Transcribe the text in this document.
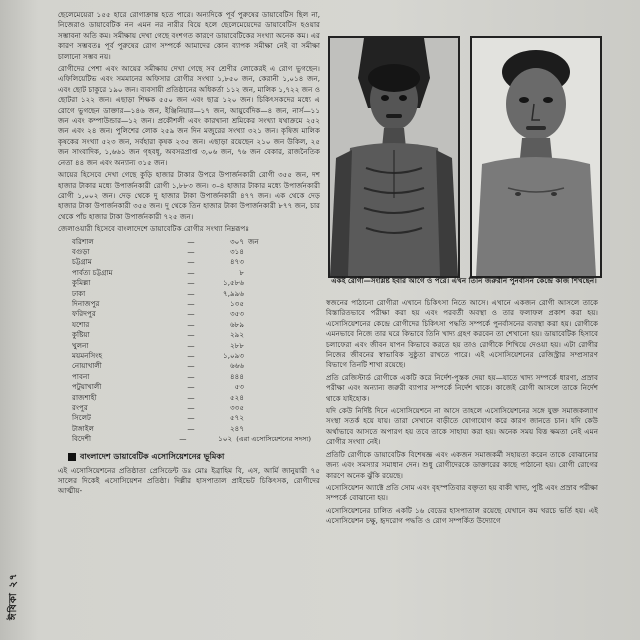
ঈষিকা ২৭

ছেলেমেয়েরা ১৫৫ হারে রোগাক্রান্ত হতে পারে। অন্যদিকে পূর্ব পুরুষের ডায়াবেটিস ছিল না, নিজেরাও ডায়াবেটিক নন এমন নর নারীর বিয়ে হলে ছেলেমেয়েদের ডায়াবেটিস হওয়ার সম্ভাবনা অতি কম। সমীক্ষায় দেখা গেছে বংশগত কারণে ডায়াবেটিকের সংখ্যা অনেক কম। এর কারণ সম্ভবতঃ পূর্ব পুরুষের রোগ সম্পর্কে আমাদের কোন ব্যাপক সমীক্ষা নেই বা সমীক্ষা চালানো সম্ভব নয়।

রোগীদের পেশা এবং আয়ের সমীক্ষায় দেখা গেছে সব শ্রেণীর লোকেরই এ রোগ ভুগছেন। এফিলিয়েটিভ এবং সমমানের অফিসার রোগীর সংখ্যা ১,৮৫০ জন, কেরানী ১,০১৪ জন, এবং ছোট চাকুরে ১৯০ জন। ব্যবসায়ী প্রতিষ্ঠানের অধিকর্তা ১১২ জন, মালিক ১,৭২২ জন ও ছোটরা ১২২ জন। এছাড়া শিক্ষক ৫৫০ জন এবং ছাত্র ১২০ জন। চিকিৎসকদের মধ্যে এ রোগে ভুগছেন ডাক্তার—১৪৬ জন, ইঞ্জিনিয়ার—১৭ জন, আয়ুর্বেদিক—৪ জন, নার্স—১১ জন এবং কম্পাউন্ডার—১২ জন। প্রকৌশলী এবং কারখানা শ্রমিকের সংখ্যা যথাক্রমে ২৫২ জন এবং ২৪ জন। পুলিশের লোক ২৫৯ জন দিন মজুরের সংখ্যা ৩২১ জন। কৃষিজ মালিক কৃষকের সংখ্যা ৫২৩ জন, সর্বহারা কৃষক ২৩৫ জন। এছাড়া রয়েছেন ২১০ জন উকিল, ২৫ জন সাংবাদিক, ১,৬৬১ জন গৃহবধূ, অবসরপ্রাপ্ত ৩,০৬ জন, ৭৬ জন বেকার, রাজনৈতিক নেতা ৪৪ জন এবং অন্যান্য ৩১৫ জন।

আয়ের হিসেবে দেখা গেছে কুড়ি হাজার টাকার উপরে উপার্জনকারী রোগী ৩৫৫ জন, দশ হাজার টাকার মধ্যে উপার্জনকারী রোগী ১,৮৮৩ জন। ৩–৪ হাজার টাকার মধ্যে উপার্জনকারী রোগী ১,০০২ জন। দেড় থেকে দু হাজার টাকা উপার্জনকারী ৪৭৭ জন। এক থেকে দেড় হাজার টাকা উপার্জনকারী ৩৫৫ জন। দু থেকে তিন হাজার টাকা উপার্জনকারী ৮৭৭ জন, চার থেকে পাঁচ হাজার টাকা উপার্জনকারী ৭২৫ জন।

জেলাওয়ারী হিসেবে বাংলাদেশে ডায়াবেটিক রোগীর সংখ্যা নিম্নরূপঃ

বরিশাল	—	৩০৭ জন
বগুড়া	—	৩১৪
চট্টগ্রাম	—	৪৭৩
পার্বত্য চট্টগ্রাম	—	৮
কুমিল্লা	—	১,৫৮৬
ঢাকা	—	৭,৯৯৬
দিনাজপুর	—	১৩৫
ফরিদপুর	—	৩৫৩
যশোর	—	৬৮৯
কুষ্টিয়া	—	২৯২
খুলনা	—	২৮৮
ময়মনসিংহ	—	১,০৯৩
নোয়াখালী	—	৬৬৬
পাবনা	—	৪৪৪
পটুয়াখালী	—	৫৩
রাজশাহী	—	৫২৪
রংপুর	—	৩৩৫
সিলেট	—	৫৭২
টাঙ্গাইল	—	২৪৭
বিদেশী	—	১০২ (এরা এসোসিয়েশনের সদস্য)
বাংলাদেশ ডায়াবেটিক এসোসিয়েশনের ভূমিকা

এই এসোসিয়েশনের প্রতিষ্ঠাতা প্রেসিডেন্ট ডঃ মোঃ ইব্রাহিম বি, এস, আর্মি জানুয়ারী ৭৫ সালের দিকেই এসোসিয়েশন প্রতিষ্ঠা। দিল্লীর হাসপাতাল প্রাইভেট চিকিৎসক, রোগীদের আত্মীয়-

একই রোগী—সংশ্লিষ্ট হবার আগে ও পরে। এখন তিনি জরুরীন পুনর্বাসন কেন্দ্রে কাজ শিখছেন।

স্বজনের পাঠানো রোগীরা এখানে চিকিৎসা নিতে আসে। এখানে একজন রোগী আসলে তাকে বিস্তারিতভাবে পরীক্ষা করা হয় এবং পরবর্তী অবস্থা ও তার ফলাফল প্রকাশ করা হয়। এসোসিয়েশনের কেন্দ্রে রোগীদের চিকিৎসা পদ্ধতি সম্পর্কে পুনর্বাসনের ব্যবস্থা করা হয়। রোগীকে এমনভাবে নিজে তার ঘরে কিভাবে তিনি খাদ্য গ্রহণ করবেন তা শেখানো হয়। ডায়াবেটিক হিসাবে চলাফেরা এবং জীবন যাপন কিভাবে করতে হয় তাও রোগীকে শিখিয়ে দেওয়া হয়। এটা রোগীর নিজের জীবনের স্বাভাবিক সুষ্ঠুতা রাখতে পারে। এই এসোসিয়েশনের রেজিস্ট্রার সম্প্রসারণ বিভাগে তিনটি শাখা রয়েছে।

প্রতি রেজিস্টার্ড রোগীকে একটি করে নির্দেশ-পুস্তক দেয়া হয়—যাতে খাদ্য সম্পর্কে ধারণা, প্রস্রাব পরীক্ষা এবং অন্যান্য জরুরী ব্যাপার সম্পর্কে নির্দেশ থাকে। কাজেই রোগী আসলে তাকে নির্দেশ থাকে যাইহোক।

যদি কেউ নির্দিষ্ট দিনে এসোসিয়েশনে না আসে তাহলে এসোসিয়েশনের সঙ্গে যুক্ত সমাজকল্যাণ সংস্থা সতর্ক হয়ে যায়। তারা সেখানে বাড়ীতে যোগাযোগ করে কারণ জানতে চান। যদি কেউ অর্থাভাবে আসতে অপারগ হয় তবে তাকে সাহায্য করা হয়। অনেক সময় বিত্ত ক্ষমতা নেই এমন রোগীর সংখ্যা নেই।

প্রতিটি রোগীকে ডায়াবেটিক বিশেষজ্ঞ এবং একজন সমাজকর্মী সহায়তা করেন তাকে বোঝানোর জন্য এবং সমস্যার সমাধান দেন। শুধু রোগীদেরকে ডাক্তারের কাছে পাঠানো হয়। রোগী রোগের কারণে অনেক ঝুঁকি রয়েছে।

এসোসিয়েশন অ্যাক্টে প্রতি সোম এবং বৃহস্পতিবার বক্তৃতা হয় বাকী খাদ্য, পুষ্টি এবং প্রস্রাব পরীক্ষা সম্পর্কে বোঝানো হয়।

এসোসিয়েশনের চালিত একটি ১৬ বেডের হাসপাতাল রয়েছে যেখানে কম খরচে ভর্তি হয়। এই এসোসিয়েশন চক্ষু, হৃদরোগ পদ্ধতি ও রোগ সম্পর্কিত উদ্যোগে
